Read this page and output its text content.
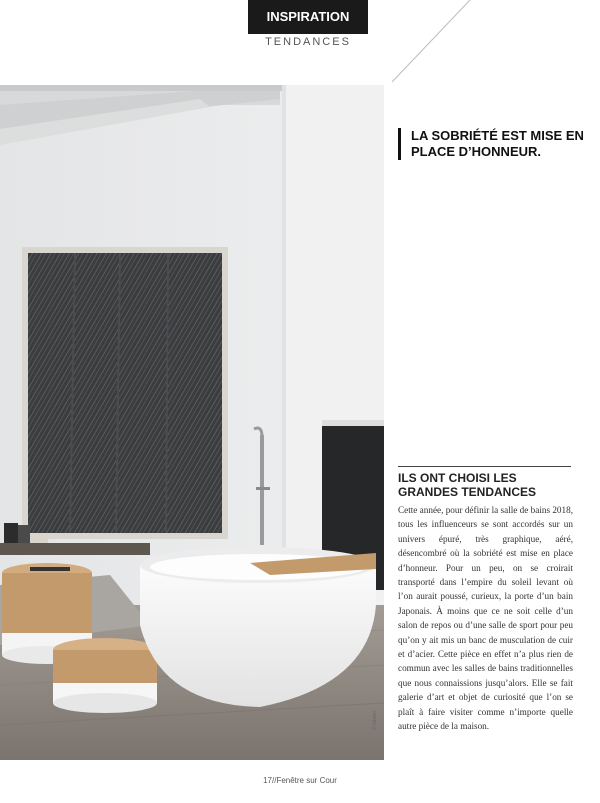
INSPIRATION
TENDANCES
LA SOBRIÉTÉ EST MISE EN PLACE D’HONNEUR.
ILS ONT CHOISI LES
GRANDES TENDANCES

Cette année, pour définir la salle de bains 2018, tous les influenceurs se sont accordés sur un univers épuré, très graphique, aéré, désencombré où la sobriété est mise en place d’honneur. Pour un peu, on se croirait transporté dans l’empire du soleil levant où l’on aurait poussé, curieux, la porte d’un bain Japonais. À moins que ce ne soit celle d’un salon de repos ou d’une salle de sport pour peu qu’on y ait mis un banc de musculation de cuir et d’acier. Cette pièce en effet n’a plus rien de commun avec les salles de bains traditionnelles que nous connaissions jusqu’alors. Elle se fait galerie d’art et objet de curiosité que l’on se plaît à faire visiter comme n’importe quelle autre pièce de la maison.

© Inbani
17//Fenêtre sur Cour
